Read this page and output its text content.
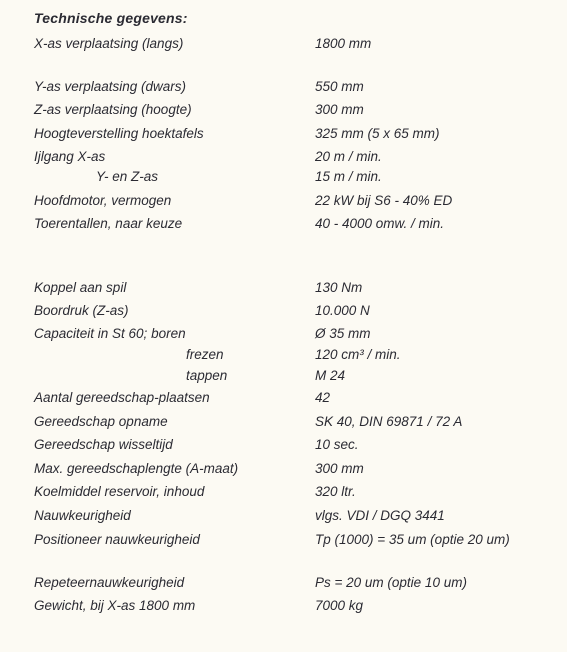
Technische gegevens:
X-as verplaatsing (langs)	1800 mm
Y-as verplaatsing (dwars)	550 mm
Z-as verplaatsing (hoogte)	300 mm
Hoogteverstelling hoektafels	325 mm (5 x 65 mm)
Ijlgang X-as	20 m / min.
Y- en Z-as	15 m / min.
Hoofdmotor, vermogen	22 kW bij S6 - 40% ED
Toerentallen, naar keuze	40 - 4000 omw. / min.
Koppel aan spil	130 Nm
Boordruk (Z-as)	10.000 N
Capaciteit in St 60; boren	Ø 35 mm
frezen	120 cm³ / min.
tappen	M 24
Aantal gereedschap-plaatsen	42
Gereedschap opname	SK 40, DIN 69871 / 72 A
Gereedschap wisseltijd	10 sec.
Max. gereedschaplengte (A-maat)	300 mm
Koelmiddel reservoir, inhoud	320 ltr.
Nauwkeurigheid	vlgs. VDI / DGQ 3441
Positioneer nauwkeurigheid	Tp (1000) = 35 um (optie 20 um)
Repeteernauwkeurigheid	Ps = 20 um (optie 10 um)
Gewicht, bij X-as 1800 mm	7000 kg
